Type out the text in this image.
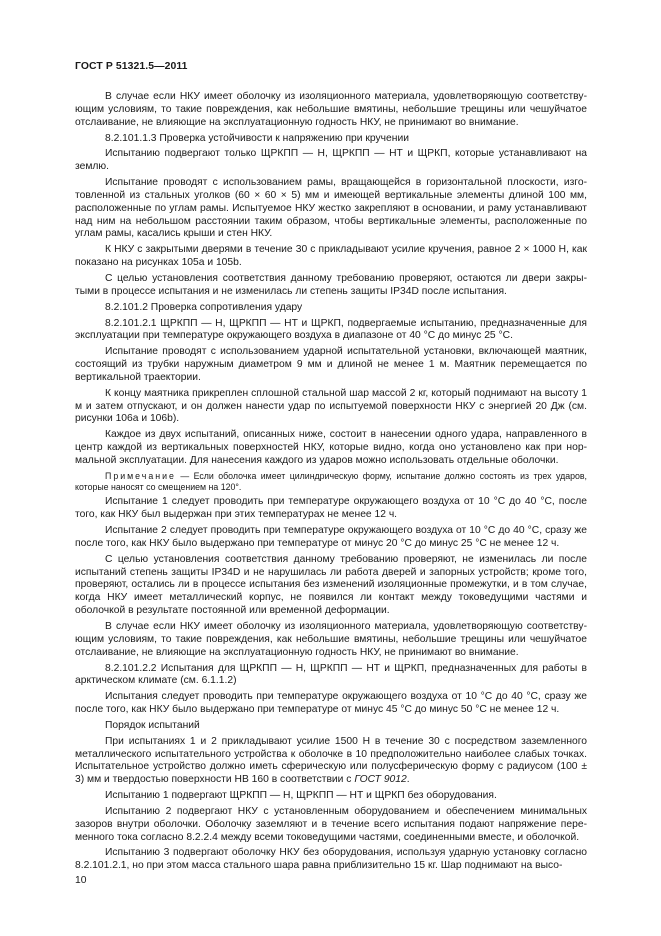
ГОСТ Р 51321.5—2011

В случае если НКУ имеет оболочку из изоляционного материала, удовлетворяющую соответствующим условиям, то такие повреждения, как небольшие вмятины, небольшие трещины или чешуйчатое отслаивание, не влияющие на эксплуатационную годность НКУ, не принимают во внимание.

8.2.101.1.3 Проверка устойчивости к напряжению при кручении

Испытанию подвергают только ЩРКПП — Н, ЩРКПП — НТ и ЩРКП, которые устанавливают на землю.

Испытание проводят с использованием рамы, вращающейся в горизонтальной плоскости, изготовленной из стальных уголков (60 × 60 × 5) мм и имеющей вертикальные элементы длиной 100 мм, расположенные по углам рамы. Испытуемое НКУ жестко закрепляют в основании, и раму устанавливают над ним на небольшом расстоянии таким образом, чтобы вертикальные элементы, расположенные по углам рамы, касались крыши и стен НКУ.

К НКУ с закрытыми дверями в течение 30 с прикладывают усилие кручения, равное 2 × 1000 Н, как показано на рисунках 105а и 105b.

С целью установления соответствия данному требованию проверяют, остаются ли двери закрытыми в процессе испытания и не изменилась ли степень защиты IP34D после испытания.

8.2.101.2 Проверка сопротивления удару

8.2.101.2.1 ЩРКПП — Н, ЩРКПП — НТ и ЩРКП, подвергаемые испытанию, предназначенные для эксплуатации при температуре окружающего воздуха в диапазоне от 40 °С до минус 25 °С.

Испытание проводят с использованием ударной испытательной установки, включающей маятник, состоящий из трубки наружным диаметром 9 мм и длиной не менее 1 м. Маятник перемещается по вертикальной траектории.

К концу маятника прикреплен сплошной стальной шар массой 2 кг, который поднимают на высоту 1 м и затем отпускают, и он должен нанести удар по испытуемой поверхности НКУ с энергией 20 Дж (см. рисунки 106а и 106b).

Каждое из двух испытаний, описанных ниже, состоит в нанесении одного удара, направленного в центр каждой из вертикальных поверхностей НКУ, которые видно, когда оно установлено как при нормальной эксплуатации. Для нанесения каждого из ударов можно использовать отдельные оболочки.

Примечание — Если оболочка имеет цилиндрическую форму, испытание должно состоять из трех ударов, которые наносят со смещением на 120°.

Испытание 1 следует проводить при температуре окружающего воздуха от 10 °С до 40 °С, после того, как НКУ был выдержан при этих температурах не менее 12 ч.

Испытание 2 следует проводить при температуре окружающего воздуха от 10 °С до 40 °С, сразу же после того, как НКУ было выдержано при температуре от минус 20 °С до минус 25 °С не менее 12 ч.

С целью установления соответствия данному требованию проверяют, не изменилась ли после испытаний степень защиты IP34D и не нарушилась ли работа дверей и запорных устройств; кроме того, проверяют, остались ли в процессе испытания без изменений изоляционные промежутки, и в том случае, когда НКУ имеет металлический корпус, не появился ли контакт между токоведущими частями и оболочкой в результате постоянной или временной деформации.

В случае если НКУ имеет оболочку из изоляционного материала, удовлетворяющую соответствующим условиям, то такие повреждения, как небольшие вмятины, небольшие трещины или чешуйчатое отслаивание, не влияющие на эксплуатационную годность НКУ, не принимают во внимание.

8.2.101.2.2 Испытания для ЩРКПП — Н, ЩРКПП — НТ и ЩРКП, предназначенных для работы в арктическом климате (см. 6.1.1.2)

Испытания следует проводить при температуре окружающего воздуха от 10 °С до 40 °С, сразу же после того, как НКУ было выдержано при температуре от минус 45 °С до минус 50 °С не менее 12 ч.

Порядок испытаний

При испытаниях 1 и 2 прикладывают усилие 1500 Н в течение 30 с посредством заземленного металлического испытательного устройства к оболочке в 10 предположительно наиболее слабых точках. Испытательное устройство должно иметь сферическую или полусферическую форму с радиусом (100 ± 3) мм и твердостью поверхности НВ 160 в соответствии с ГОСТ 9012.

Испытанию 1 подвергают ЩРКПП — Н, ЩРКПП — НТ и ЩРКП без оборудования.

Испытанию 2 подвергают НКУ с установленным оборудованием и обеспечением минимальных зазоров внутри оболочки. Оболочку заземляют и в течение всего испытания подают напряжение переменного тока согласно 8.2.2.4 между всеми токоведущими частями, соединенными вместе, и оболочкой.

Испытанию 3 подвергают оболочку НКУ без оборудования, используя ударную установку согласно 8.2.101.2.1, но при этом масса стального шара равна приблизительно 15 кг. Шар поднимают на высо-

10
